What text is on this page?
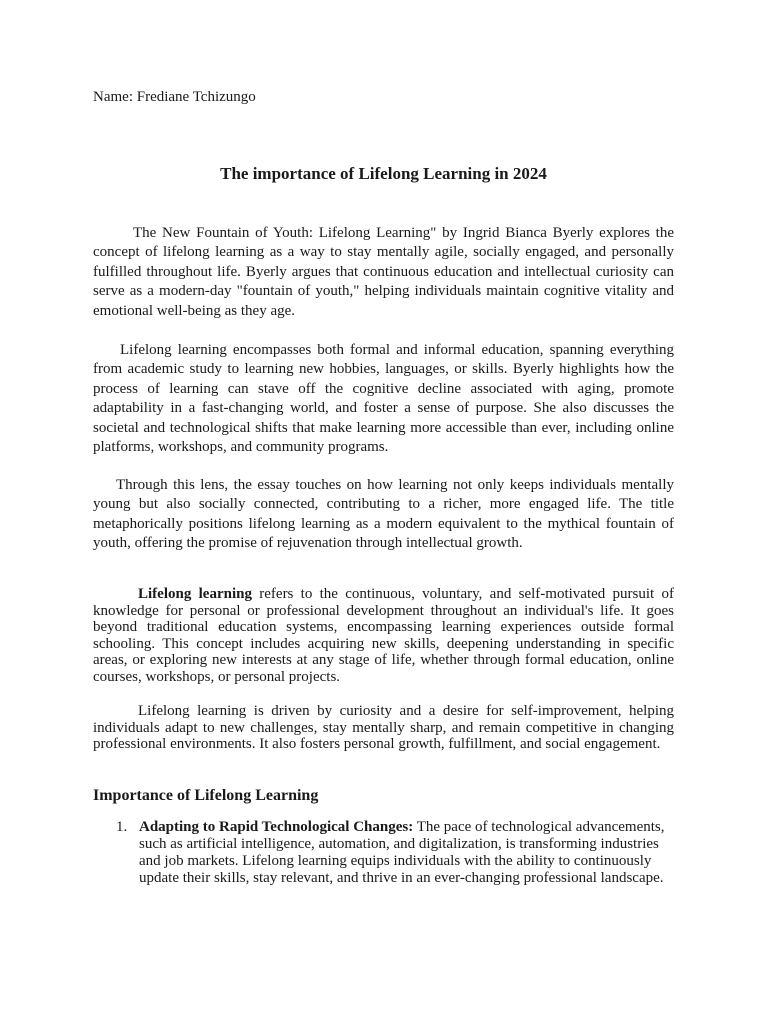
Name: Frediane Tchizungo
The importance of Lifelong Learning in 2024

The New Fountain of Youth: Lifelong Learning" by Ingrid Bianca Byerly explores the concept of lifelong learning as a way to stay mentally agile, socially engaged, and personally fulfilled throughout life. Byerly argues that continuous education and intellectual curiosity can serve as a modern-day "fountain of youth," helping individuals maintain cognitive vitality and emotional well-being as they age.

Lifelong learning encompasses both formal and informal education, spanning everything from academic study to learning new hobbies, languages, or skills. Byerly highlights how the process of learning can stave off the cognitive decline associated with aging, promote adaptability in a fast-changing world, and foster a sense of purpose. She also discusses the societal and technological shifts that make learning more accessible than ever, including online platforms, workshops, and community programs.

Through this lens, the essay touches on how learning not only keeps individuals mentally young but also socially connected, contributing to a richer, more engaged life. The title metaphorically positions lifelong learning as a modern equivalent to the mythical fountain of youth, offering the promise of rejuvenation through intellectual growth.

Lifelong learning refers to the continuous, voluntary, and self-motivated pursuit of knowledge for personal or professional development throughout an individual's life. It goes beyond traditional education systems, encompassing learning experiences outside formal schooling. This concept includes acquiring new skills, deepening understanding in specific areas, or exploring new interests at any stage of life, whether through formal education, online courses, workshops, or personal projects.

Lifelong learning is driven by curiosity and a desire for self-improvement, helping individuals adapt to new challenges, stay mentally sharp, and remain competitive in changing professional environments. It also fosters personal growth, fulfillment, and social engagement.

Importance of Lifelong Learning
1. Adapting to Rapid Technological Changes: The pace of technological advancements, such as artificial intelligence, automation, and digitalization, is transforming industries and job markets. Lifelong learning equips individuals with the ability to continuously update their skills, stay relevant, and thrive in an ever-changing professional landscape.
